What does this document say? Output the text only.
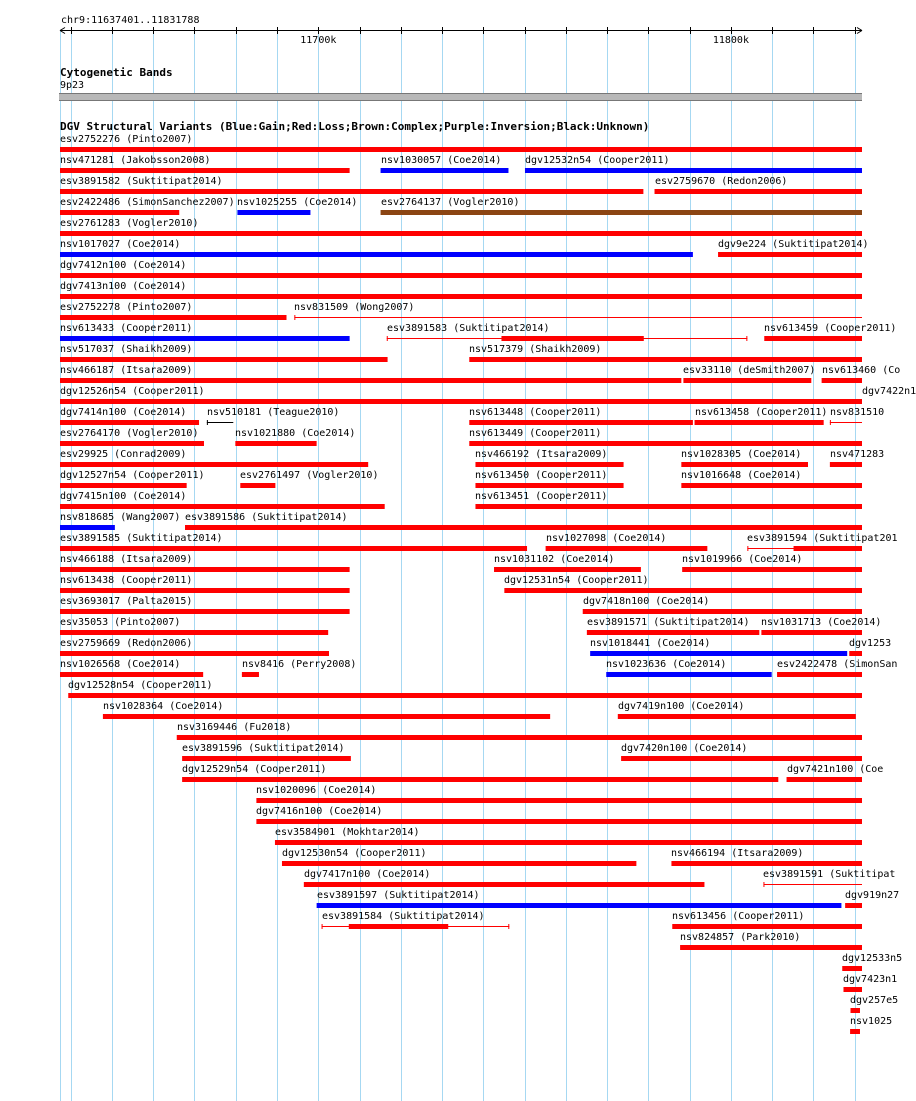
chr9:11637401..11831788
11700k	11800k
Cytogenetic Bands
9p23
DGV Structural Variants (Blue:Gain;Red:Loss;Brown:Complex;Purple:Inversion;Black:Unknown)
esv2752276 (Pinto2007)
nsv471281 (Jakobsson2008)	nsv1030057 (Coe2014) dgv12532n54 (Cooper2011)
esv3891582 (Suktitipat2014)	esv2759670 (Redon2006)
esv2422486 (SimonSanchez2007) nsv1025255 (Coe2014) esv2764137 (Vogler2010)
esv2761283 (Vogler2010)
nsv1017027 (Coe2014)	dgv9e224 (Suktitipat2014)
dgv7412n100 (Coe2014)
dgv7413n100 (Coe2014)
esv2752278 (Pinto2007)	nsv831509 (Wong2007)
nsv613433 (Cooper2011)	esv3891583 (Suktitipat2014)	nsv613459 (Cooper2011)
nsv517037 (Shaikh2009)	nsv517379 (Shaikh2009)
nsv466187 (Itsara2009)	esv33110 (deSmith2007) nsv613460 (Co
dgv12526n54 (Cooper2011)	dgv7422n1
dgv7414n100 (Coe2014) nsv510181 (Teague2010)	nsv613448 (Cooper2011)	nsv613458 (Cooper2011) nsv831510
esv2764170 (Vogler2010)	nsv1021880 (Coe2014)	nsv613449 (Cooper2011)
esv29925 (Conrad2009)	nsv466192 (Itsara2009)	nsv1028305 (Coe2014)	nsv471283
dgv12527n54 (Cooper2011)	esv2761497 (Vogler2010)	nsv613450 (Cooper2011)	nsv1016648 (Coe2014)
dgv7415n100 (Coe2014)	nsv613451 (Cooper2011)
nsv818685 (Wang2007) esv3891586 (Suktitipat2014)
esv3891585 (Suktitipat2014)	nsv1027098 (Coe2014)	esv3891594 (Suktitipat201
nsv466188 (Itsara2009)	nsv1031102 (Coe2014)	nsv1019966 (Coe2014)
nsv613438 (Cooper2011)	dgv12531n54 (Cooper2011)
esv3693017 (Palta2015)	dgv7418n100 (Coe2014)
esv35053 (Pinto2007)	esv3891571 (Suktitipat2014) nsv1031713 (Coe2014)
esv2759669 (Redon2006)	nsv1018441 (Coe2014)	dgv1253
nsv1026568 (Coe2014)	nsv8416 (Perry2008)	nsv1023636 (Coe2014)	esv2422478 (SimonSan
dgv12528n54 (Cooper2011)
nsv1028364 (Coe2014)	dgv7419n100 (Coe2014)
nsv3169446 (Fu2018)
esv3891596 (Suktitipat2014)	dgv7420n100 (Coe2014)
dgv12529n54 (Cooper2011)	dgv7421n100 (Coe
nsv1020096 (Coe2014)
dgv7416n100 (Coe2014)
esv3584901 (Mokhtar2014)
dgv12530n54 (Cooper2011)	nsv466194 (Itsara2009)
dgv7417n100 (Coe2014)	esv3891591 (Suktitipat
esv3891597 (Suktitipat2014)	dgv919n27
esv3891584 (Suktitipat2014)	nsv613456 (Cooper2011)
nsv824857 (Park2010)
dgv12533n5
dgv7423n1
dgv257e5
nsv1025
